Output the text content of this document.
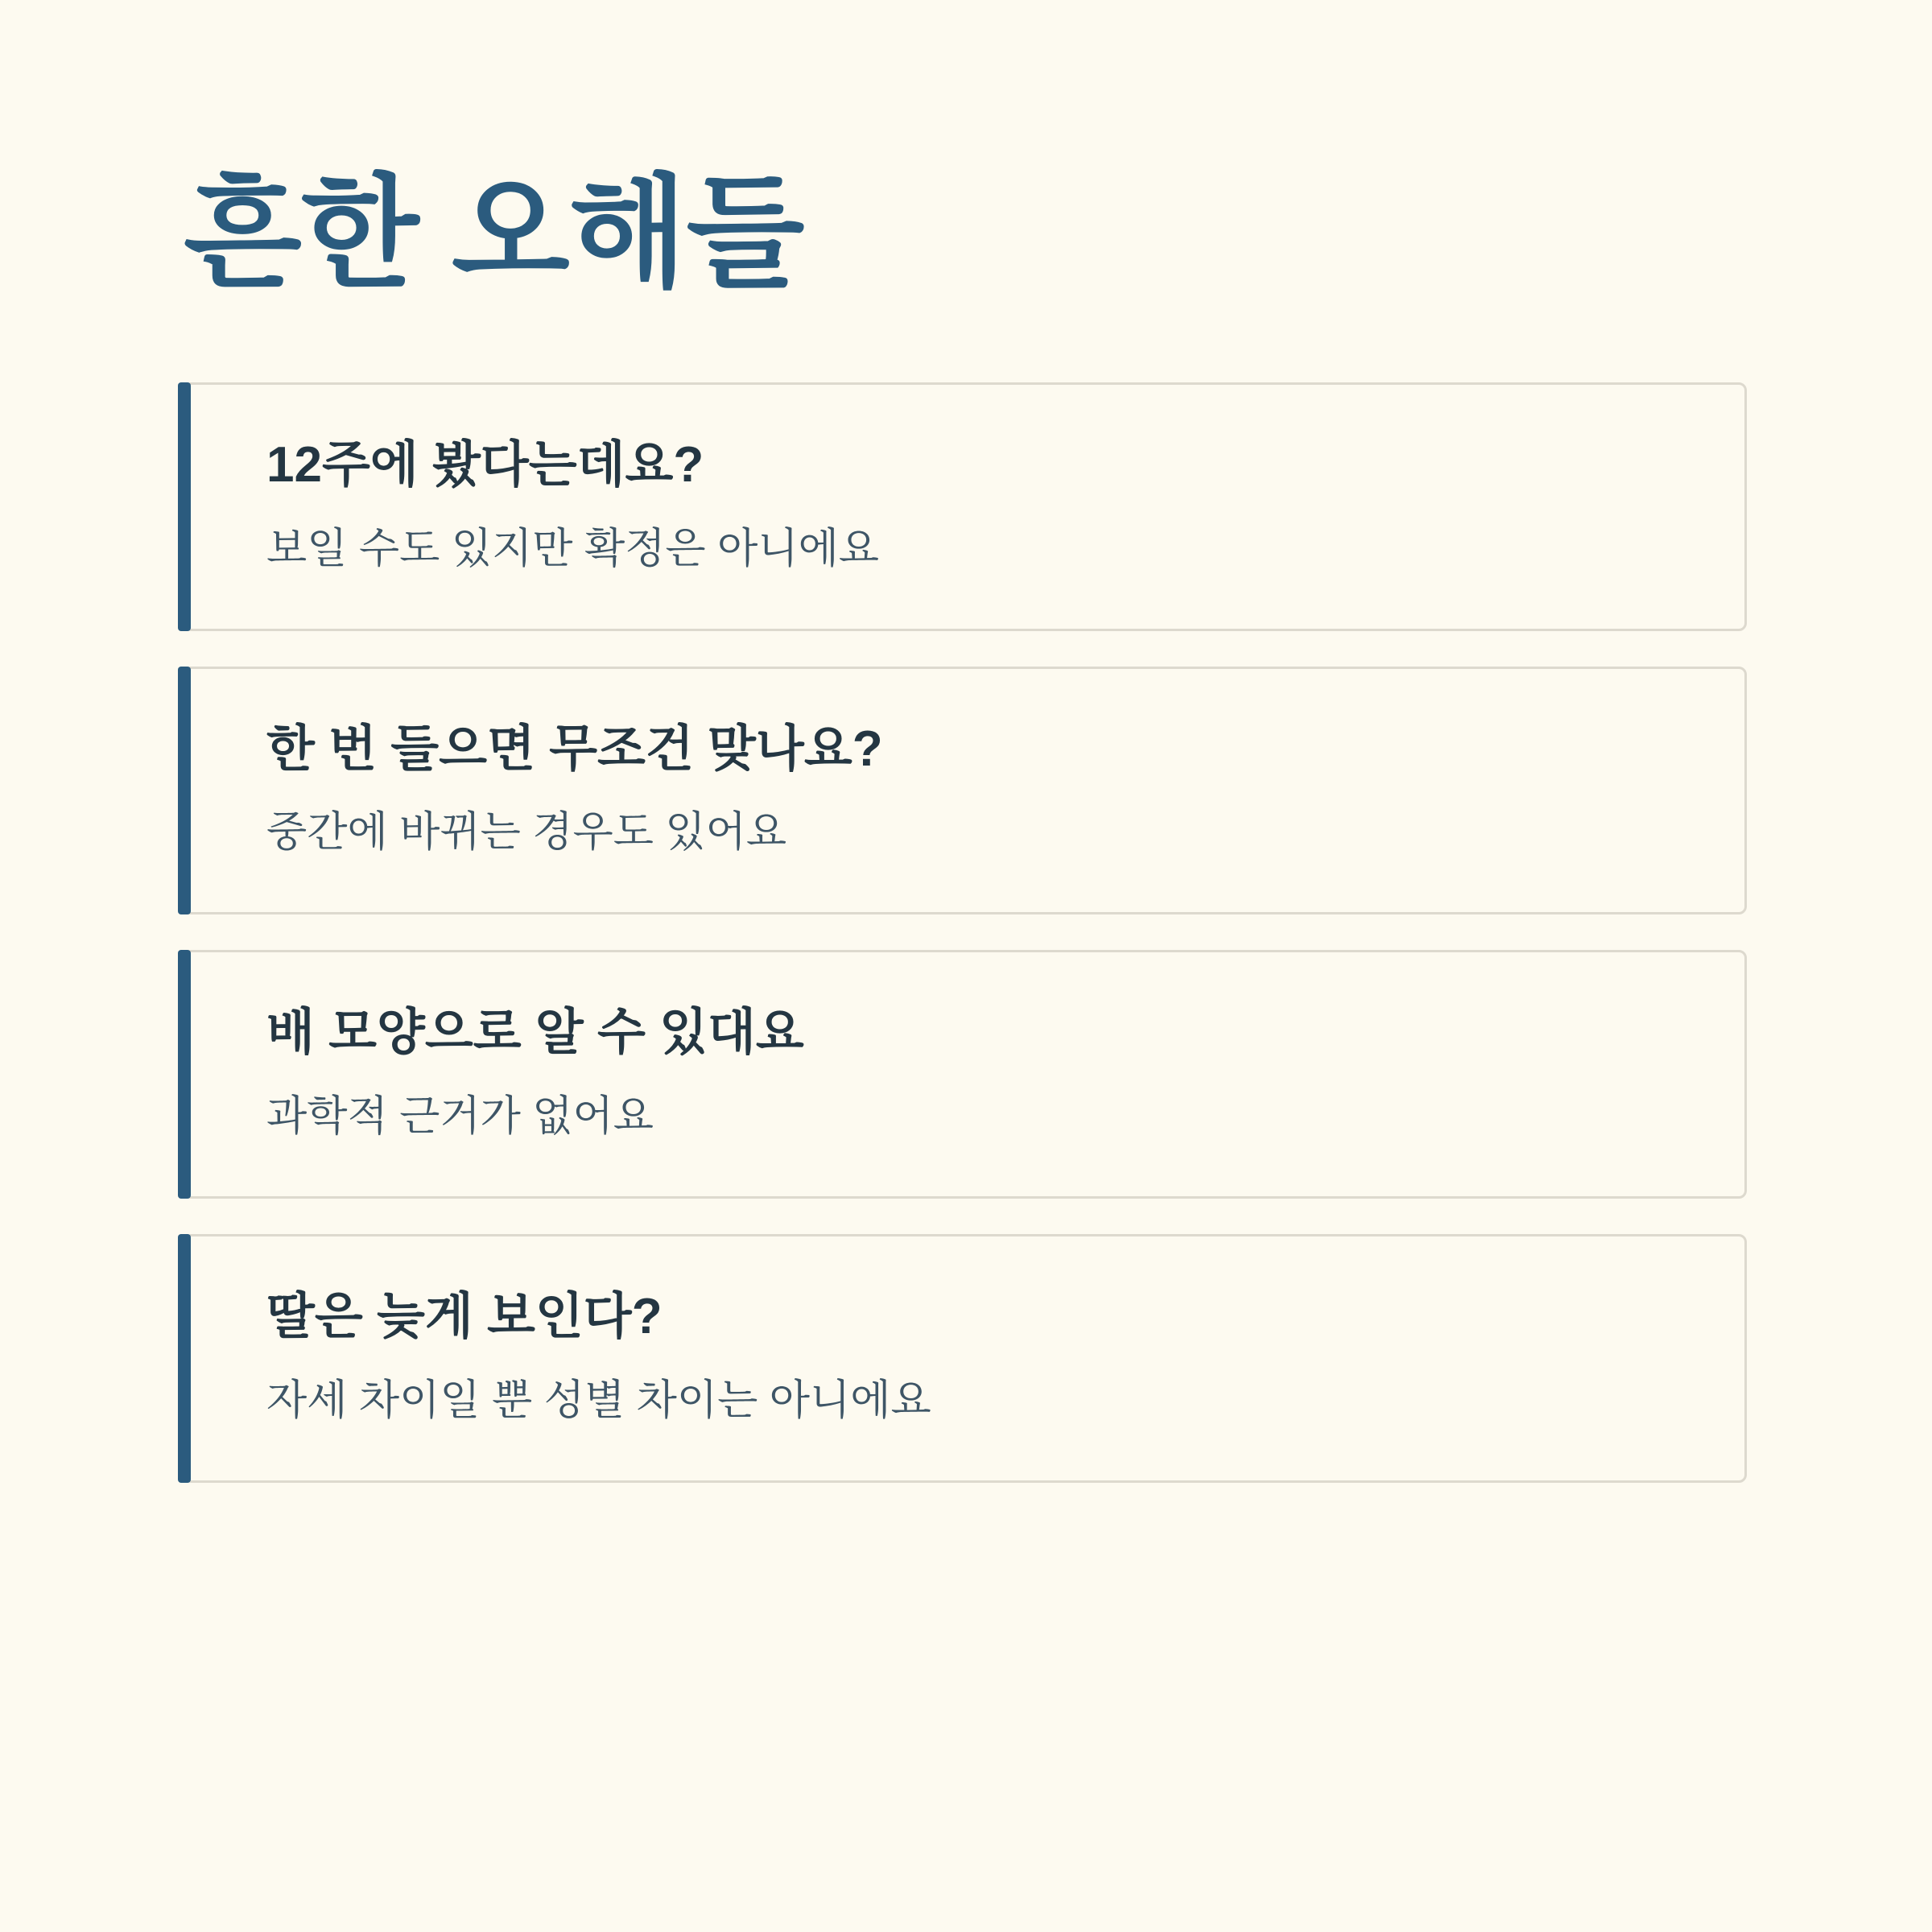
흔한 오해들

12주에 봤다는데요?

보일 수도 있지만 확정은 아니에요

한 번 들으면 무조건 맞나요?

중간에 바뀌는 경우도 있어요

배 모양으로 알 수 있대요

과학적 근거가 없어요

딸은 늦게 보인다?

자세 차이일 뿐 성별 차이는 아니에요
